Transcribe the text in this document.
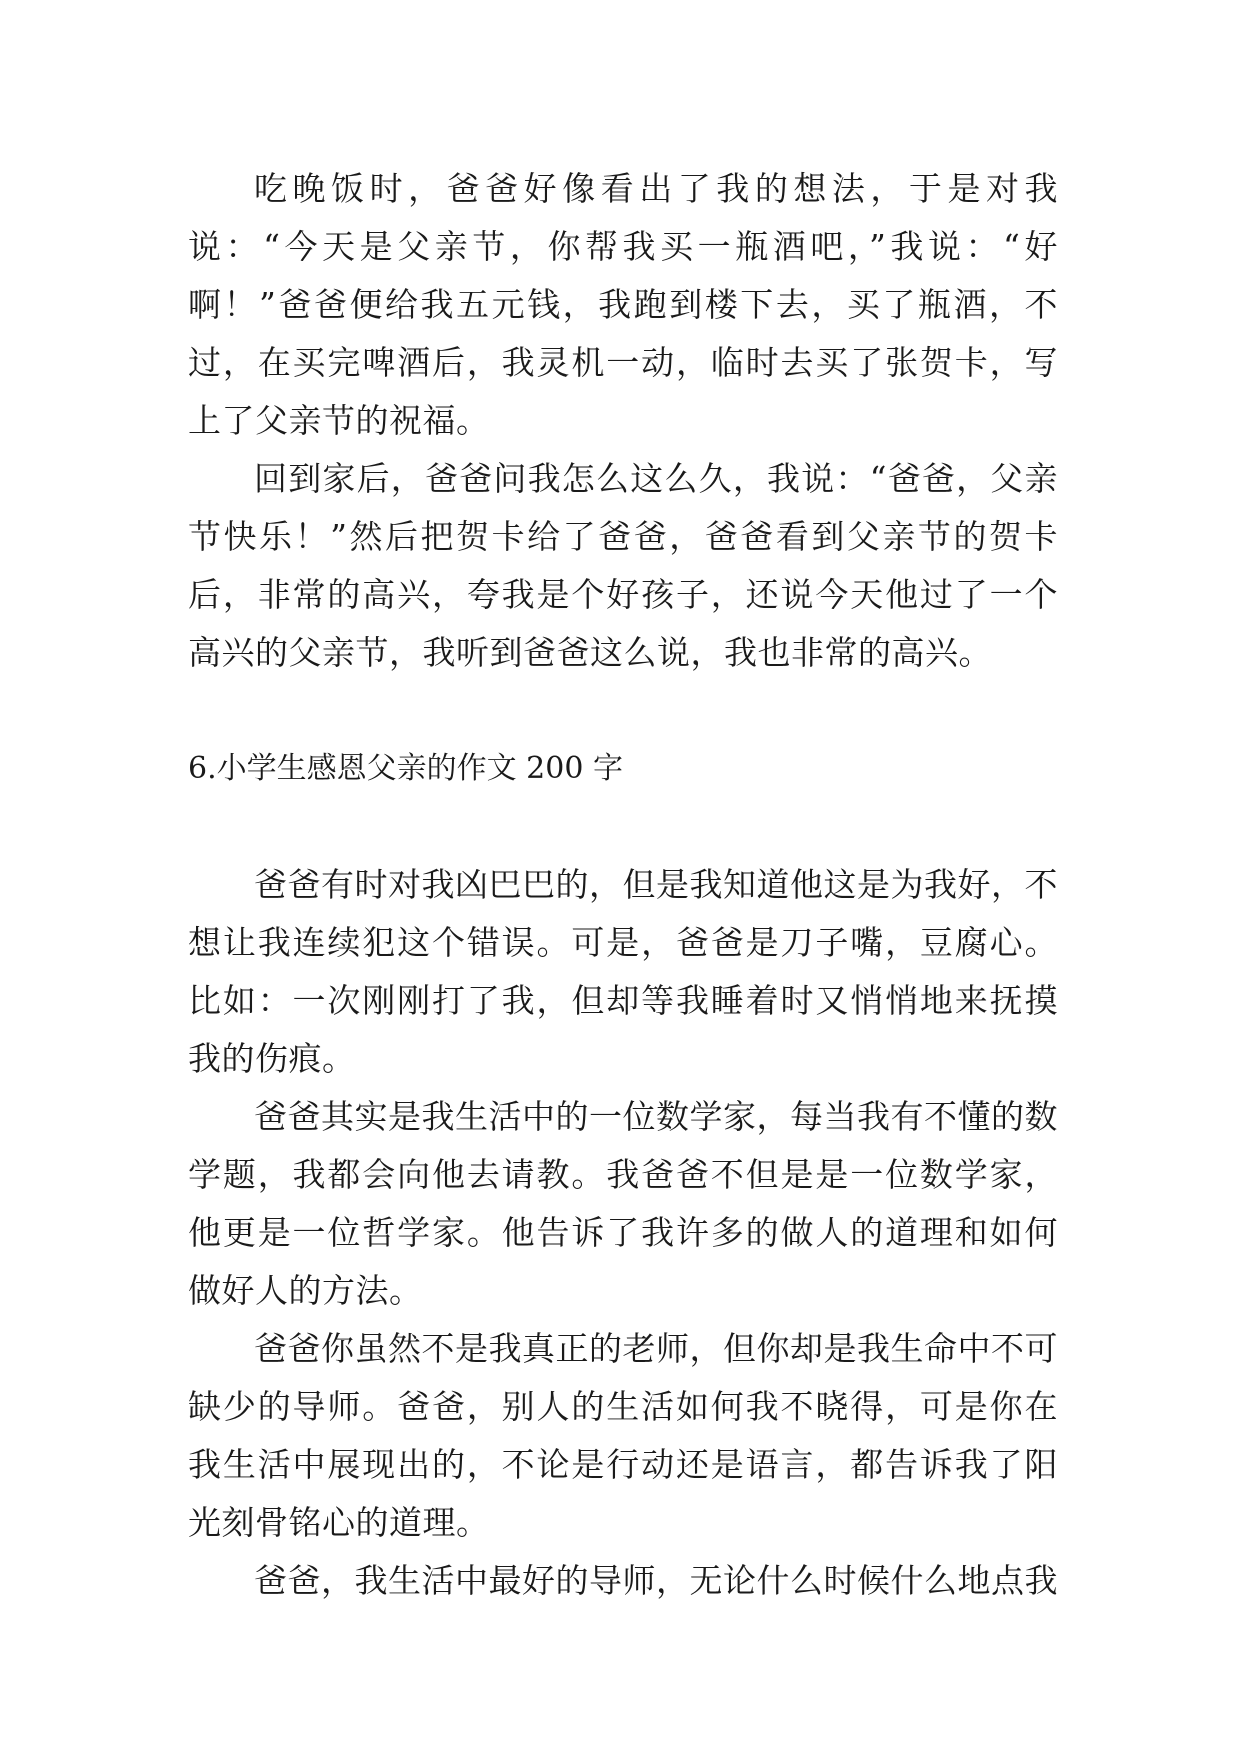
吃晚饭时，爸爸好像看出了我的想法，于是对我说：“今天是父亲节，你帮我买一瓶酒吧，”我说：“好啊！”爸爸便给我五元钱，我跑到楼下去，买了瓶酒，不过，在买完啤酒后，我灵机一动，临时去买了张贺卡，写上了父亲节的祝福。

回到家后，爸爸问我怎么这么久，我说：“爸爸，父亲节快乐！”然后把贺卡给了爸爸，爸爸看到父亲节的贺卡后，非常的高兴，夸我是个好孩子，还说今天他过了一个高兴的父亲节，我听到爸爸这么说，我也非常的高兴。

6.小学生感恩父亲的作文 200 字

爸爸有时对我凶巴巴的，但是我知道他这是为我好，不想让我连续犯这个错误。可是，爸爸是刀子嘴，豆腐心。比如：一次刚刚打了我，但却等我睡着时又悄悄地来抚摸我的伤痕。

爸爸其实是我生活中的一位数学家，每当我有不懂的数学题，我都会向他去请教。我爸爸不但是是一位数学家，他更是一位哲学家。他告诉了我许多的做人的道理和如何做好人的方法。

爸爸你虽然不是我真正的老师，但你却是我生命中不可缺少的导师。爸爸，别人的生活如何我不晓得，可是你在我生活中展现出的，不论是行动还是语言，都告诉我了阳光刻骨铭心的道理。

爸爸，我生活中最好的导师，无论什么时候什么地点我
